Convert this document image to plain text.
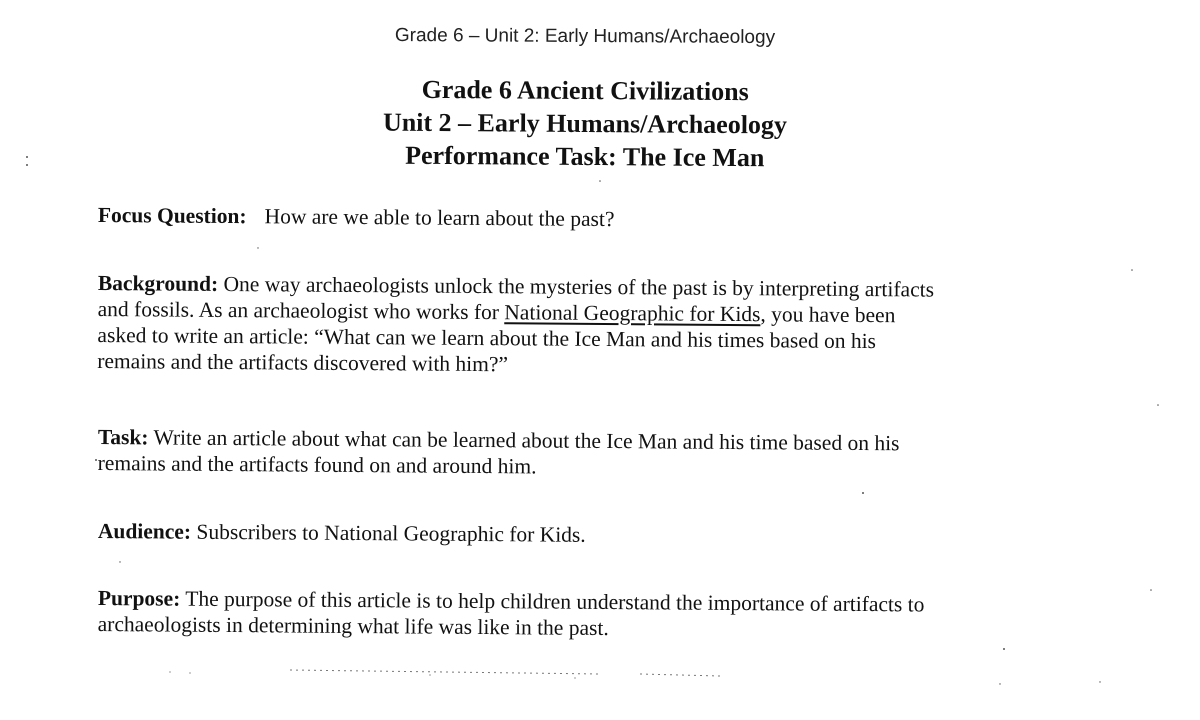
Grade 6 – Unit 2: Early Humans/Archaeology
Grade 6 Ancient Civilizations
Unit 2 – Early Humans/Archaeology
Performance Task: The Ice Man
Focus Question: How are we able to learn about the past?
Background: One way archaeologists unlock the mysteries of the past is by interpreting artifacts
and fossils. As an archaeologist who works for National Geographic for Kids, you have been
asked to write an article: “What can we learn about the Ice Man and his times based on his
remains and the artifacts discovered with him?”
Task: Write an article about what can be learned about the Ice Man and his time based on his
remains and the artifacts found on and around him.
Audience: Subscribers to National Geographic for Kids.
Purpose: The purpose of this article is to help children understand the importance of artifacts to
archaeologists in determining what life was like in the past.
